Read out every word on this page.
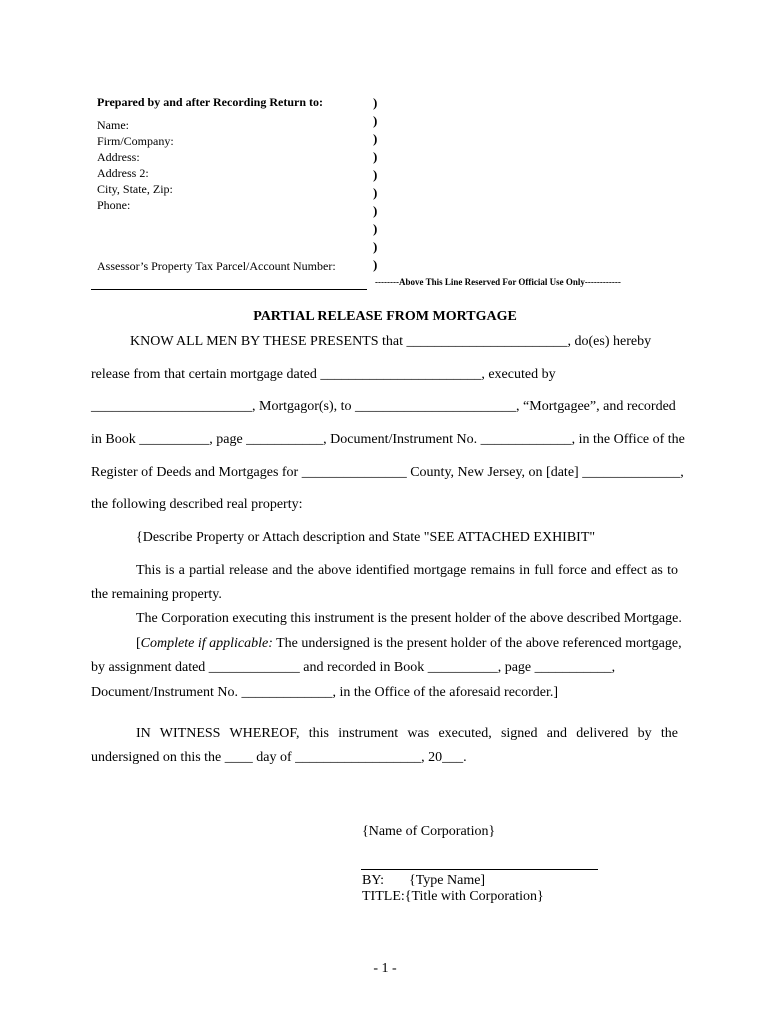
Prepared by and after Recording Return to:
Name:
Firm/Company:
Address:
Address 2:
City, State, Zip:
Phone:
Assessor’s Property Tax Parcel/Account Number:
)
)
)
)
)
)
)
)
)
)
--------Above This Line Reserved For Official Use Only------------
PARTIAL RELEASE FROM MORTGAGE
KNOW ALL MEN BY THESE PRESENTS that _______________________, do(es) hereby
release from that certain mortgage dated _______________________, executed by
_______________________, Mortgagor(s), to _______________________, “Mortgagee”, and recorded
in Book __________, page ___________, Document/Instrument No. _____________, in the Office of the
Register of Deeds and Mortgages for _______________ County, New Jersey, on [date] ______________,
the following described real property:
{Describe Property or Attach description and State "SEE ATTACHED EXHIBIT"
This is a partial release and the above identified mortgage remains in full force and effect as to
the remaining property.
The Corporation executing this instrument is the present holder of the above described Mortgage.
[Complete if applicable: The undersigned is the present holder of the above referenced mortgage,
by assignment dated _____________ and recorded in Book __________, page ___________,
Document/Instrument No. _____________, in the Office of the aforesaid recorder.]
IN WITNESS WHEREOF, this instrument was executed, signed and delivered by the
undersigned on this the ____ day of __________________, 20___.
{Name of Corporation}
BY: {Type Name]
TITLE:{Title with Corporation}
- 1 -
